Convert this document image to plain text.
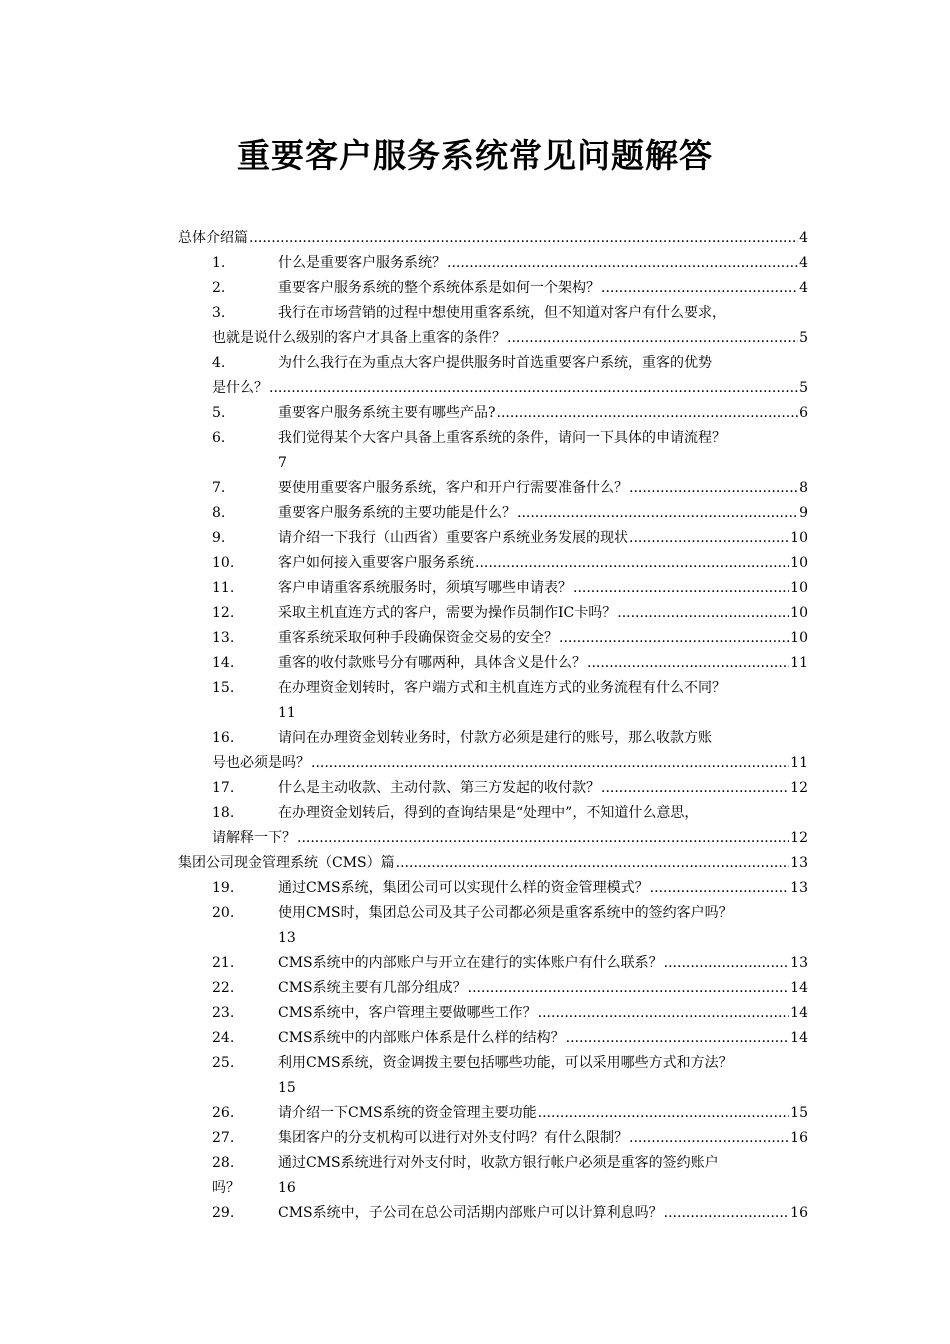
重要客户服务系统常见问题解答
总体介绍篇 .....	4
1.	什么是重要客户服务系统？ .....	4
2.	重要客户服务系统的整个系统体系是如何一个架构？ .....	4
3.	我行在市场营销的过程中想使用重客系统，但不知道对客户有什么要求，
也就是说什么级别的客户才具备上重客的条件？ .....	5
4.	为什么我行在为重点大客户提供服务时首选重要客户系统，重客的优势
是什么？ .....	5
5.	重要客户服务系统主要有哪些产品? .....	6
6.	我们觉得某个大客户具备上重客系统的条件，请问一下具体的申请流程？
7
7.	要使用重要客户服务系统，客户和开户行需要准备什么？ .....	8
8.	重要客户服务系统的主要功能是什么？ .....	9
9.	请介绍一下我行（山西省）重要客户系统业务发展的现状 .....	10
10.	客户如何接入重要客户服务系统 .....	10
11.	客户申请重客系统服务时，须填写哪些申请表？ .....	10
12.	采取主机直连方式的客户，需要为操作员制作IC卡吗？ .....	10
13.	重客系统采取何种手段确保资金交易的安全？ .....	10
14.	重客的收付款账号分有哪两种，具体含义是什么？ .....	11
15.	在办理资金划转时，客户端方式和主机直连方式的业务流程有什么不同？
11
16.	请问在办理资金划转业务时，付款方必须是建行的账号，那么收款方账
号也必须是吗？ .....	11
17.	什么是主动收款、主动付款、第三方发起的收付款？ .....	12
18.	在办理资金划转后，得到的查询结果是“处理中”，不知道什么意思，
请解释一下？ .....	12
集团公司现金管理系统（CMS）篇 .....	13
19.	通过CMS系统，集团公司可以实现什么样的资金管理模式？ .....	13
20.	使用CMS时，集团总公司及其子公司都必须是重客系统中的签约客户吗？
13
21.	CMS系统中的内部账户与开立在建行的实体账户有什么联系？ .....	13
22.	CMS系统主要有几部分组成？ .....	14
23.	CMS系统中，客户管理主要做哪些工作？ .....	14
24.	CMS系统中的内部账户体系是什么样的结构？ .....	14
25.	利用CMS系统，资金调拨主要包括哪些功能，可以采用哪些方式和方法？
15
26.	请介绍一下CMS系统的资金管理主要功能 .....	15
27.	集团客户的分支机构可以进行对外支付吗？有什么限制？ .....	16
28.	通过CMS系统进行对外支付时，收款方银行帐户必须是重客的签约账户
吗？	16
29.	CMS系统中，子公司在总公司活期内部账户可以计算利息吗？ .....	16
